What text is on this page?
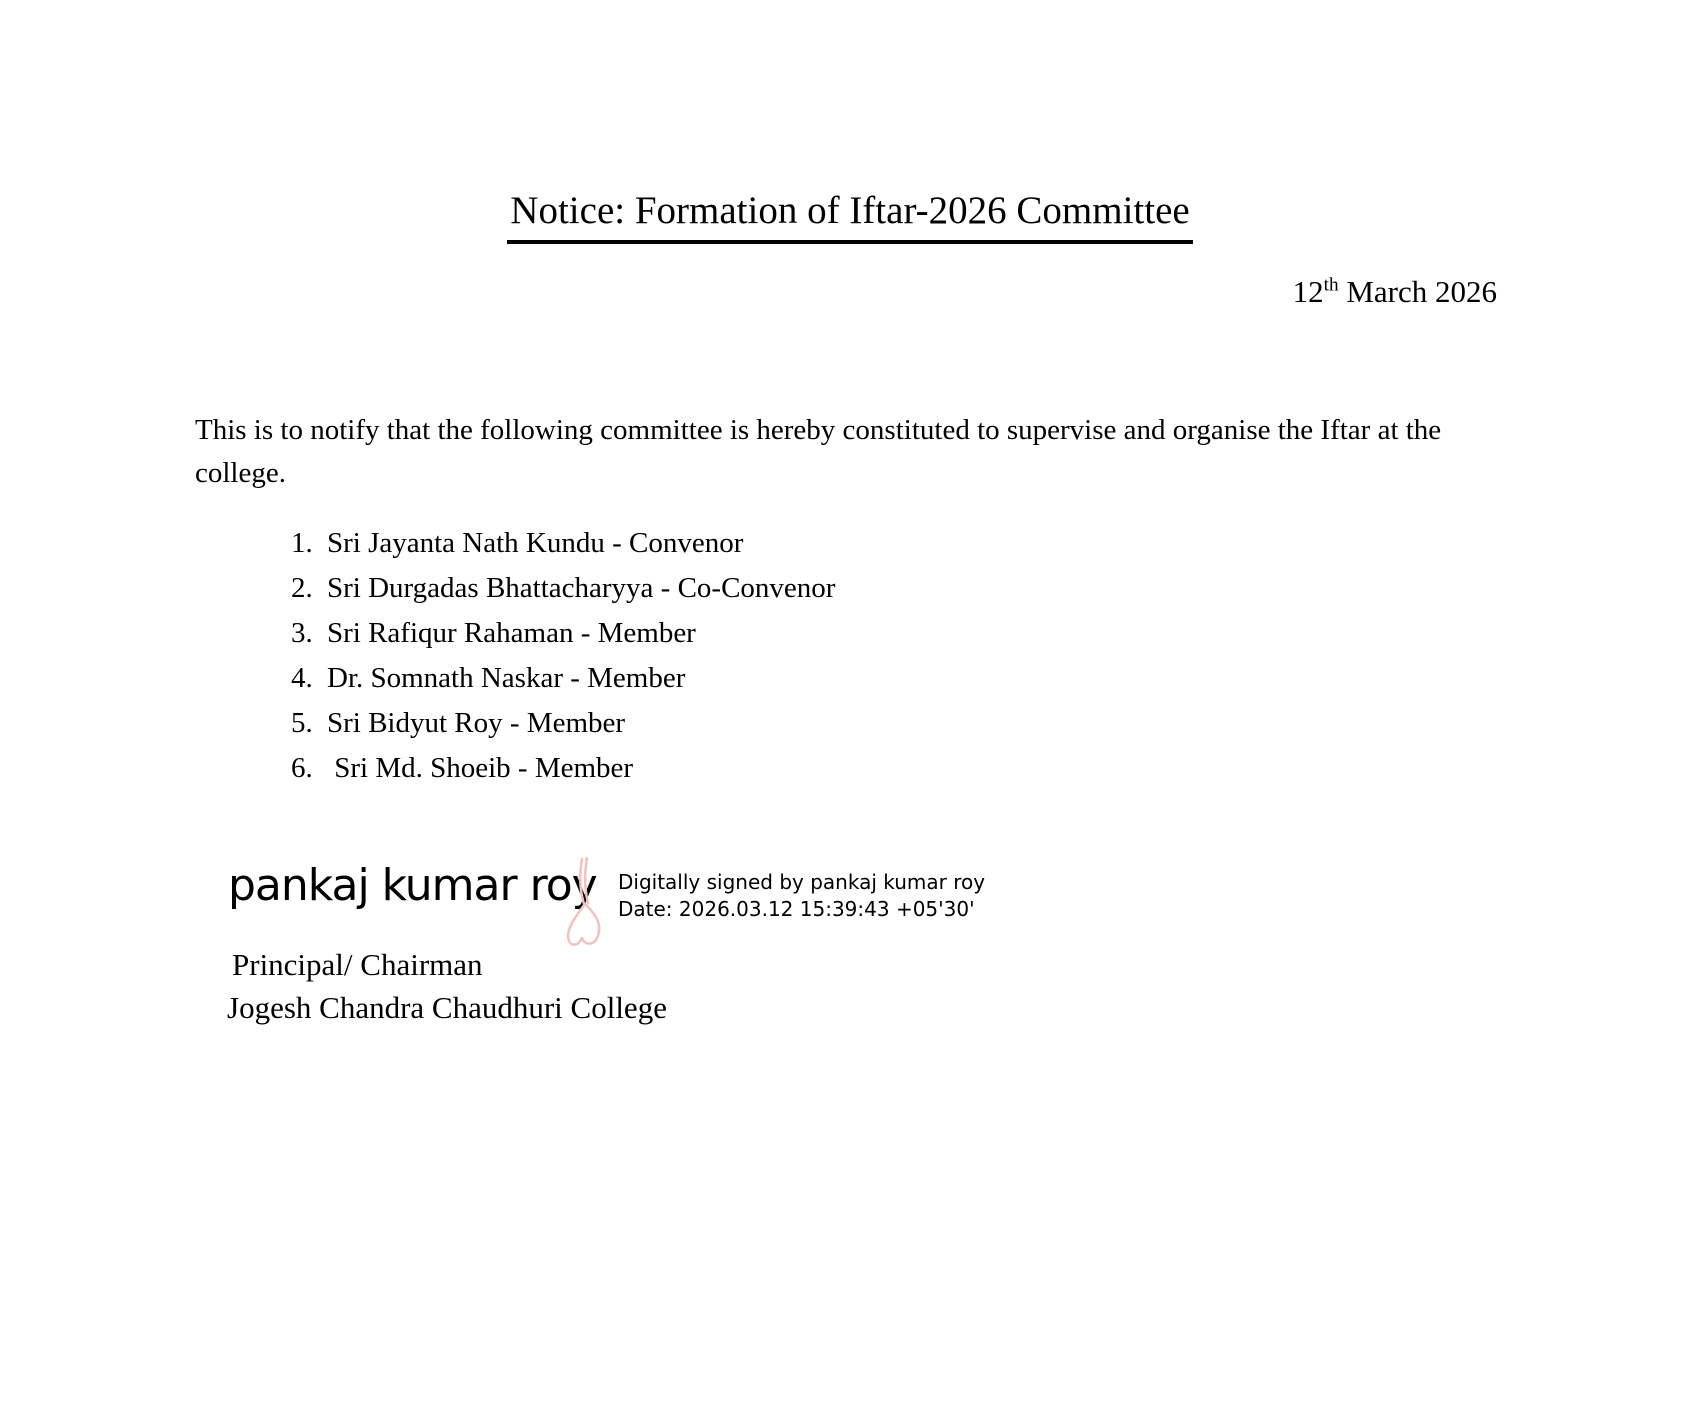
Notice: Formation of Iftar-2026 Committee
12th March 2026

This is to notify that the following committee is hereby constituted to supervise and organise the Iftar at the college.

1. Sri Jayanta Nath Kundu - Convenor
2. Sri Durgadas Bhattacharyya - Co-Convenor
3. Sri Rafiqur Rahaman - Member
4. Dr. Somnath Naskar - Member
5. Sri Bidyut Roy - Member
6. Sri Md. Shoeib - Member
pankaj kumar roy Digitally signed by pankaj kumar roy
Date: 2026.03.12 15:39:43 +05'30'
Principal/ Chairman
Jogesh Chandra Chaudhuri College
